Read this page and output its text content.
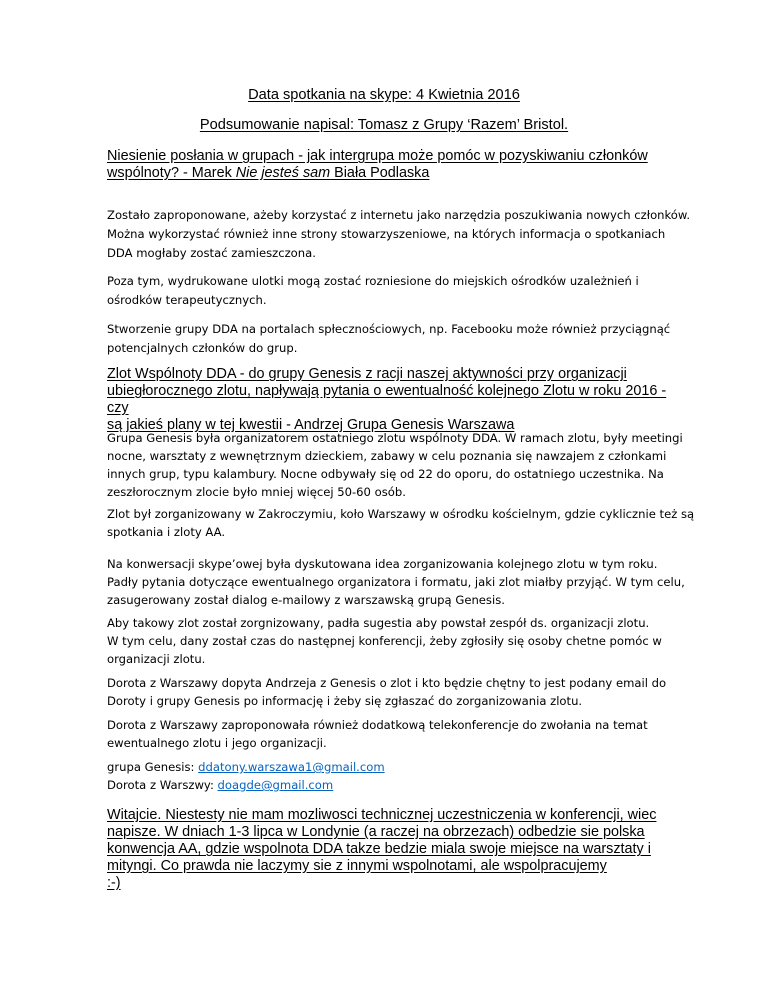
Data spotkania na skype: 4 Kwietnia 2016
Podsumowanie napisal: Tomasz z Grupy ‘Razem’ Bristol.
Niesienie posłania w grupach - jak intergrupa może pomóc w pozyskiwaniu członków
wspólnoty? - Marek Nie jesteś sam Biała Podlaska
Zostało zaproponowane, ażeby korzystać z internetu jako narzędzia poszukiwania nowych członków.
Można wykorzystać również inne strony stowarzyszeniowe, na których informacja o spotkaniach
DDA mogłaby zostać zamieszczona.
Poza tym, wydrukowane ulotki mogą zostać rozniesione do miejskich ośrodków uzależnień i
ośrodków terapeutycznych.
Stworzenie grupy DDA na portalach spłecznościowych, np. Facebooku może również przyciągnąć
potencjalnych członków do grup.
Zlot Wspólnoty DDA - do grupy Genesis z racji naszej aktywności przy organizacji
ubiegłorocznego zlotu, napływają pytania o ewentualność kolejnego Zlotu w roku 2016 - czy
są jakieś plany w tej kwestii - Andrzej Grupa Genesis Warszawa
Grupa Genesis była organizatorem ostatniego zlotu wspólnoty DDA. W ramach zlotu, były meetingi
nocne, warsztaty z wewnętrznym dzieckiem, zabawy w celu poznania się nawzajem z członkami
innych grup, typu kalambury. Nocne odbywały się od 22 do oporu, do ostatniego uczestnika. Na
zeszłorocznym zlocie było mniej więcej 50-60 osób.
Zlot był zorganizowany w Zakroczymiu, koło Warszawy w ośrodku kościelnym, gdzie cyklicznie też są
spotkania i zloty AA.
Na konwersacji skype’owej była dyskutowana idea zorganizowania kolejnego zlotu w tym roku.
Padły pytania dotyczące ewentualnego organizatora i formatu, jaki zlot miałby przyjąć. W tym celu,
zasugerowany został dialog e-mailowy z warszawską grupą Genesis.
Aby takowy zlot został zorgnizowany, padła sugestia aby powstał zespół ds. organizacji zlotu.
W tym celu, dany został czas do następnej konferencji, żeby zgłosiły się osoby chetne pomóc w
organizacji zlotu.
Dorota z Warszawy dopyta Andrzeja z Genesis o zlot i kto będzie chętny to jest podany email do
Doroty i grupy Genesis po informację i żeby się zgłaszać do zorganizowania zlotu.
Dorota z Warszawy zaproponowała również dodatkową telekonferencje do zwołania na temat
ewentualnego zlotu i jego organizacji.
grupa Genesis: ddatony.warszawa1@gmail.com
Dorota z Warszwy: doagde@gmail.com
Witajcie. Niestesty nie mam mozliwosci technicznej uczestniczenia w konferencji, wiec
napisze. W dniach 1-3 lipca w Londynie (a raczej na obrzezach) odbedzie sie polska
konwencja AA, gdzie wspolnota DDA takze bedzie miala swoje miejsce na warsztaty i
mityngi. Co prawda nie laczymy sie z innymi wspolnotami, ale wspolpracujemy
:-)
